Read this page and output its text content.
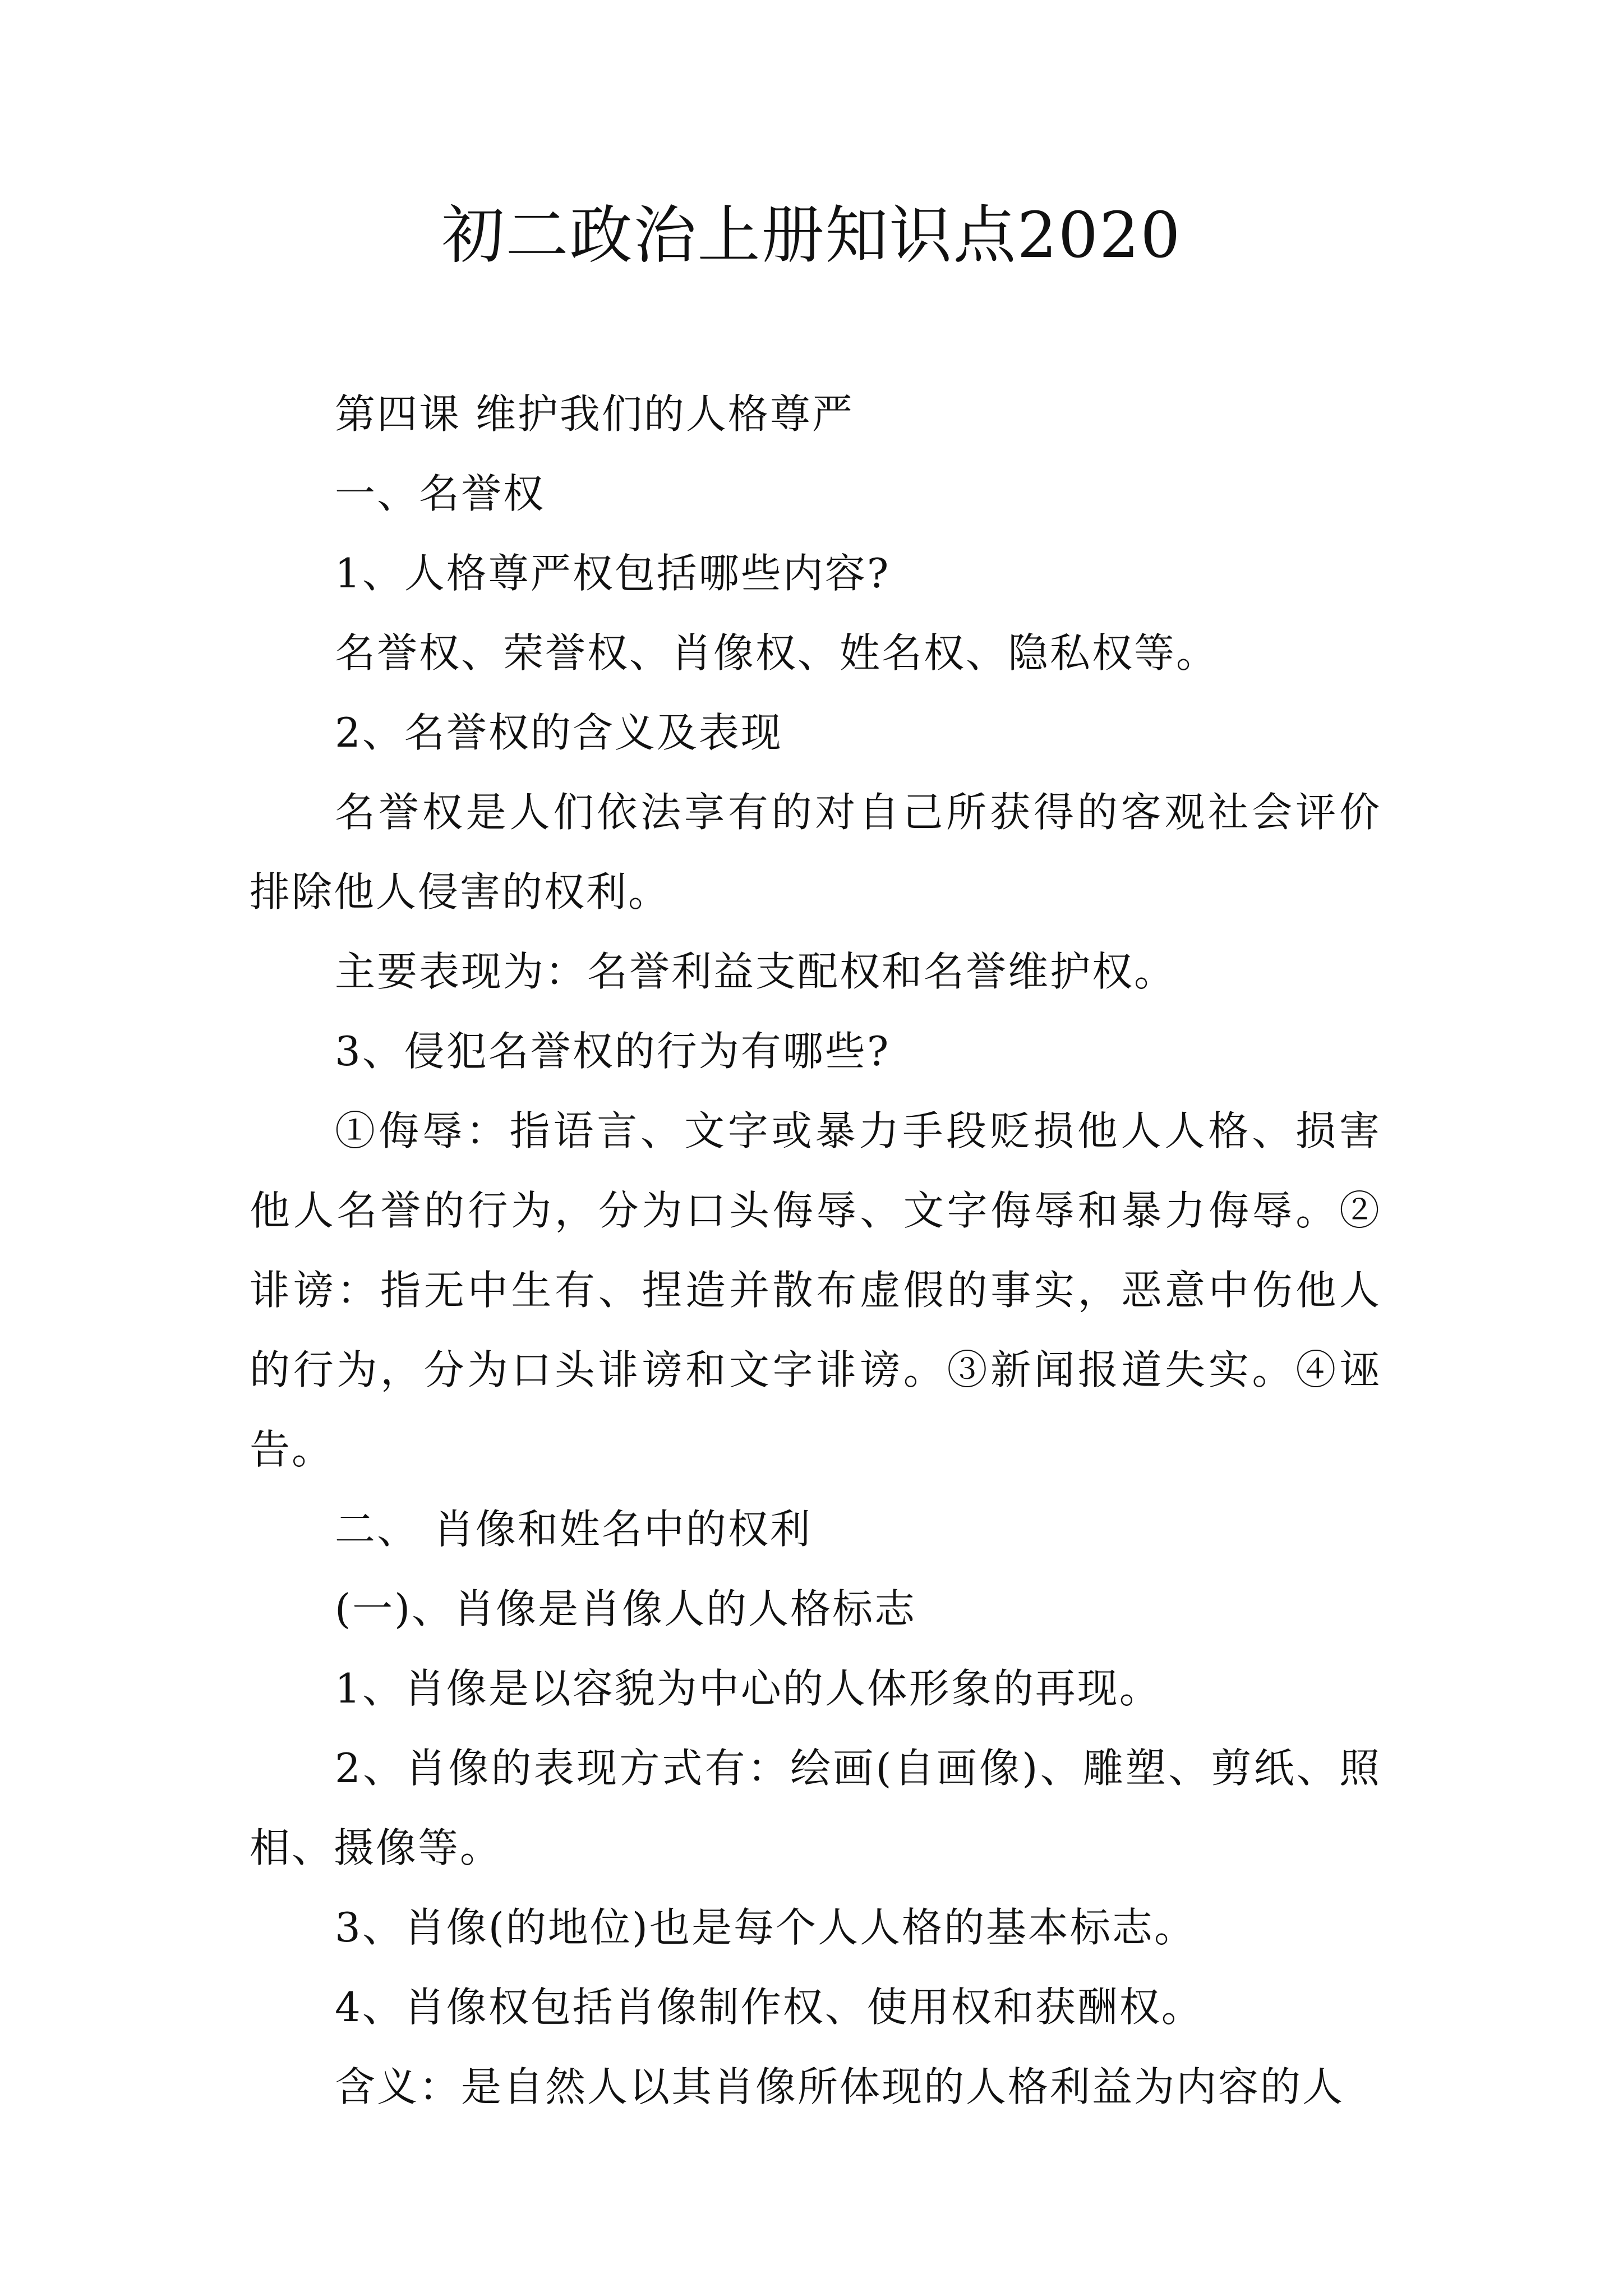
初二政治上册知识点2020

第四课 维护我们的人格尊严

一、名誉权

1、人格尊严权包括哪些内容?

名誉权、荣誉权、肖像权、姓名权、隐私权等。

2、名誉权的含义及表现

名誉权是人们依法享有的对自己所获得的客观社会评价排除他人侵害的权利。

主要表现为：名誉利益支配权和名誉维护权。

3、侵犯名誉权的行为有哪些?

①侮辱：指语言、文字或暴力手段贬损他人人格、损害他人名誉的行为，分为口头侮辱、文字侮辱和暴力侮辱。②诽谤：指无中生有、捏造并散布虚假的事实，恶意中伤他人的行为，分为口头诽谤和文字诽谤。③新闻报道失实。④诬告。

二、 肖像和姓名中的权利

(一)、肖像是肖像人的人格标志

1、肖像是以容貌为中心的人体形象的再现。

2、肖像的表现方式有：绘画(自画像)、雕塑、剪纸、照相、摄像等。

3、肖像(的地位)也是每个人人格的基本标志。

4、肖像权包括肖像制作权、使用权和获酬权。

含义：是自然人以其肖像所体现的人格利益为内容的人
